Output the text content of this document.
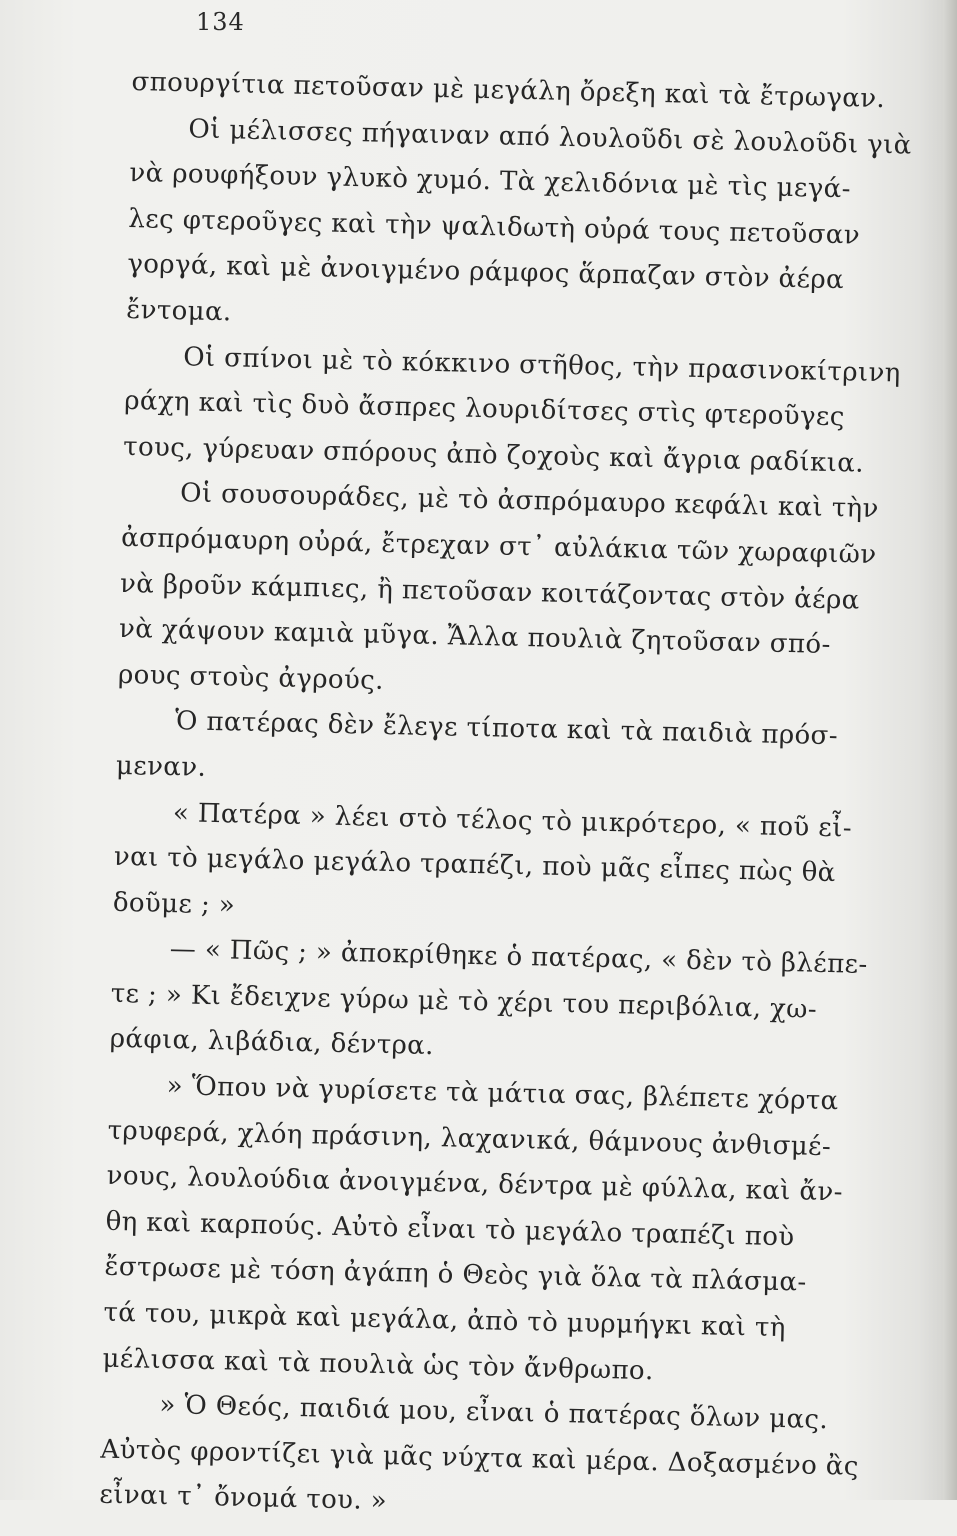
134
σπουργίτια πετοῦσαν μὲ μεγάλη ὄρεξη καὶ τὰ ἔτρωγαν.
Οἱ μέλισσες πήγαιναν από λουλοῦδι σὲ λουλοῦδι γιὰ
νὰ ρουφήξουν γλυκὸ χυμό. Τὰ χελιδόνια μὲ τὶς μεγά-
λες φτεροῦγες καὶ τὴν ψαλιδωτὴ οὐρά τους πετοῦσαν
γοργά, καὶ μὲ ἀνοιγμένο ράμφος ἅρπαζαν στὸν ἀέρα
ἔντομα.
Οἱ σπίνοι μὲ τὸ κόκκινο στῆθος, τὴν πρασινοκίτρινη
ράχη καὶ τὶς δυὸ ἄσπρες λουριδίτσες στὶς φτεροῦγες
τους, γύρευαν σπόρους ἀπὸ ζοχοὺς καὶ ἄγρια ραδίκια.
Οἱ σουσουράδες, μὲ τὸ ἀσπρόμαυρο κεφάλι καὶ τὴν
ἀσπρόμαυρη οὐρά, ἔτρεχαν στ᾽ αὐλάκια τῶν χωραφιῶν
νὰ βροῦν κάμπιες, ἢ πετοῦσαν κοιτάζοντας στὸν ἀέρα
νὰ χάψουν καμιὰ μῦγα. Ἄλλα πουλιὰ ζητοῦσαν σπό-
ρους στοὺς ἀγρούς.
Ὁ πατέρας δὲν ἔλεγε τίποτα καὶ τὰ παιδιὰ πρόσ-
μεναν.
« Πατέρα » λέει στὸ τέλος τὸ μικρότερο, « ποῦ εἶ-
ναι τὸ μεγάλο μεγάλο τραπέζι, ποὺ μᾶς εἶπες πὼς θὰ
δοῦμε ; »
— « Πῶς ; » ἀποκρίθηκε ὁ πατέρας, « δὲν τὸ βλέπε-
τε ; » Κι ἔδειχνε γύρω μὲ τὸ χέρι του περιβόλια, χω-
ράφια, λιβάδια, δέντρα.
» Ὅπου νὰ γυρίσετε τὰ μάτια σας, βλέπετε χόρτα
τρυφερά, χλόη πράσινη, λαχανικά, θάμνους ἀνθισμέ-
νους, λουλούδια ἀνοιγμένα, δέντρα μὲ φύλλα, καὶ ἄν-
θη καὶ καρπούς. Αὐτὸ εἶναι τὸ μεγάλο τραπέζι ποὺ
ἔστρωσε μὲ τόση ἀγάπη ὁ Θεὸς γιὰ ὅλα τὰ πλάσμα-
τά του, μικρὰ καὶ μεγάλα, ἀπὸ τὸ μυρμήγκι καὶ τὴ
μέλισσα καὶ τὰ πουλιὰ ὡς τὸν ἄνθρωπο.
» Ὁ Θεός, παιδιά μου, εἶναι ὁ πατέρας ὅλων μας.
Αὐτὸς φροντίζει γιὰ μᾶς νύχτα καὶ μέρα. Δοξασμένο ἂς
εἶναι τ᾽ ὄνομά του. »
